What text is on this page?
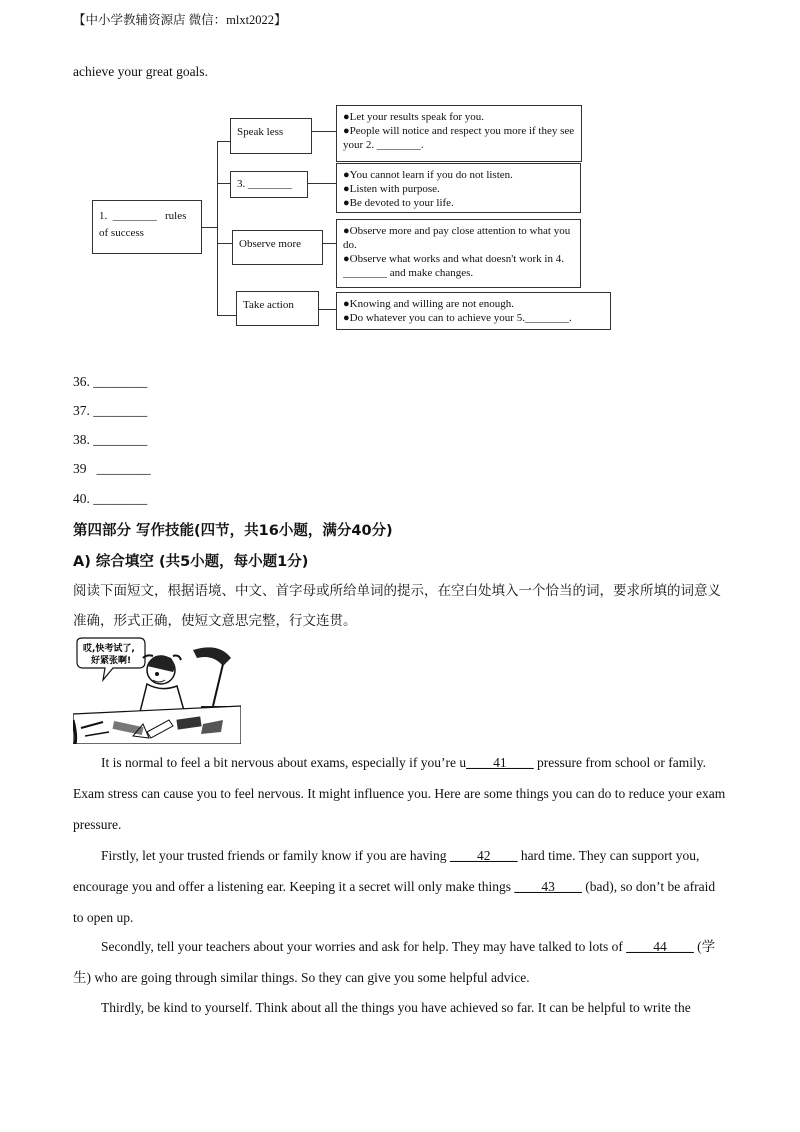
【中小学教辅资源店 微信：mlxt2022】
achieve your great goals.
1. ________ rules
of success
Speak less
3. ________
Observe more
Take action
●Let your results speak for you.
●People will notice and respect you more if they see your 2. ________.
●You cannot learn if you do not listen.
●Listen with purpose.
●Be devoted to your life.
●Observe more and pay close attention to what you do.
●Observe what works and what doesn't work in 4. ________ and make changes.
●Knowing and willing are not enough.
●Do whatever you can to achieve your 5.________.
36. ________
37. ________
38. ________
39 ________
40. ________
第四部分 写作技能(四节，共16小题，满分40分)
A) 综合填空 (共5小题，每小题1分)
阅读下面短文，根据语境、中文、首字母或所给单词的提示，在空白处填入一个恰当的词，要求所填的词意义准确，形式正确，使短文意思完整，行文连贯。
哎,快考试了,
好紧张啊!
It is normal to feel a bit nervous about exams, especially if you’re u____41____ pressure from school or family. Exam stress can cause you to feel nervous. It might influence you. Here are some things you can do to reduce your exam pressure.
Firstly, let your trusted friends or family know if you are having ____42____ hard time. They can support you, encourage you and offer a listening ear. Keeping it a secret will only make things ____43____ (bad), so don’t be afraid to open up.
Secondly, tell your teachers about your worries and ask for help. They may have talked to lots of ____44____ (学生) who are going through similar things. So they can give you some helpful advice.
Thirdly, be kind to yourself. Think about all the things you have achieved so far. It can be helpful to write the
